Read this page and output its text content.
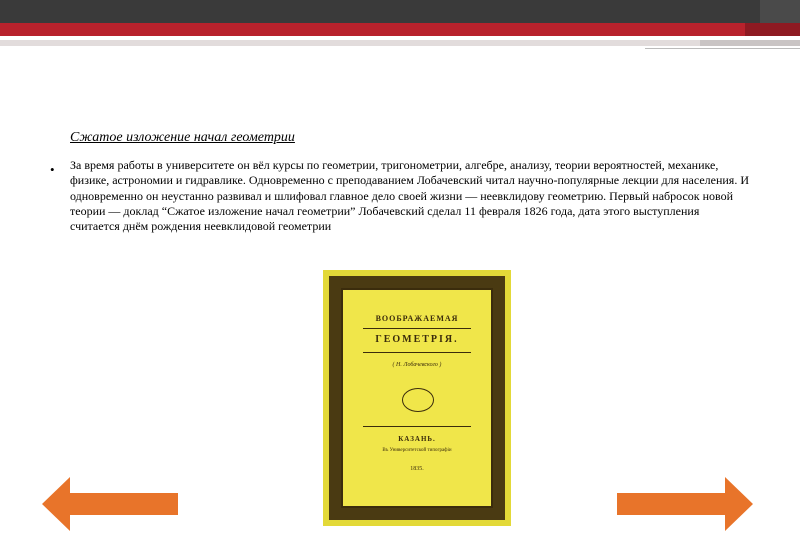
Сжатое изложение начал геометрии
• За время работы в университете он вёл курсы по геометрии, тригонометрии, алгебре, анализу, теории вероятностей, механике, физике, астрономии и гидравлике. Одновременно с преподаванием Лобачевский читал научно-популярные лекции для населения. И одновременно он неустанно развивал и шлифовал главное дело своей жизни — неевклидову геометрию. Первый набросок новой теории — доклад “Сжатое изложение начал геометрии” Лобачевский сделал 11 февраля 1826 года, дата этого выступления считается днём рождения неевклидовой геометрии
ВООБРАЖАЕМАЯ
ГЕОМЕТРІЯ.
( Н. Лобачевского )
КАЗАНЬ.
Въ Университетской типографіи
1835.
